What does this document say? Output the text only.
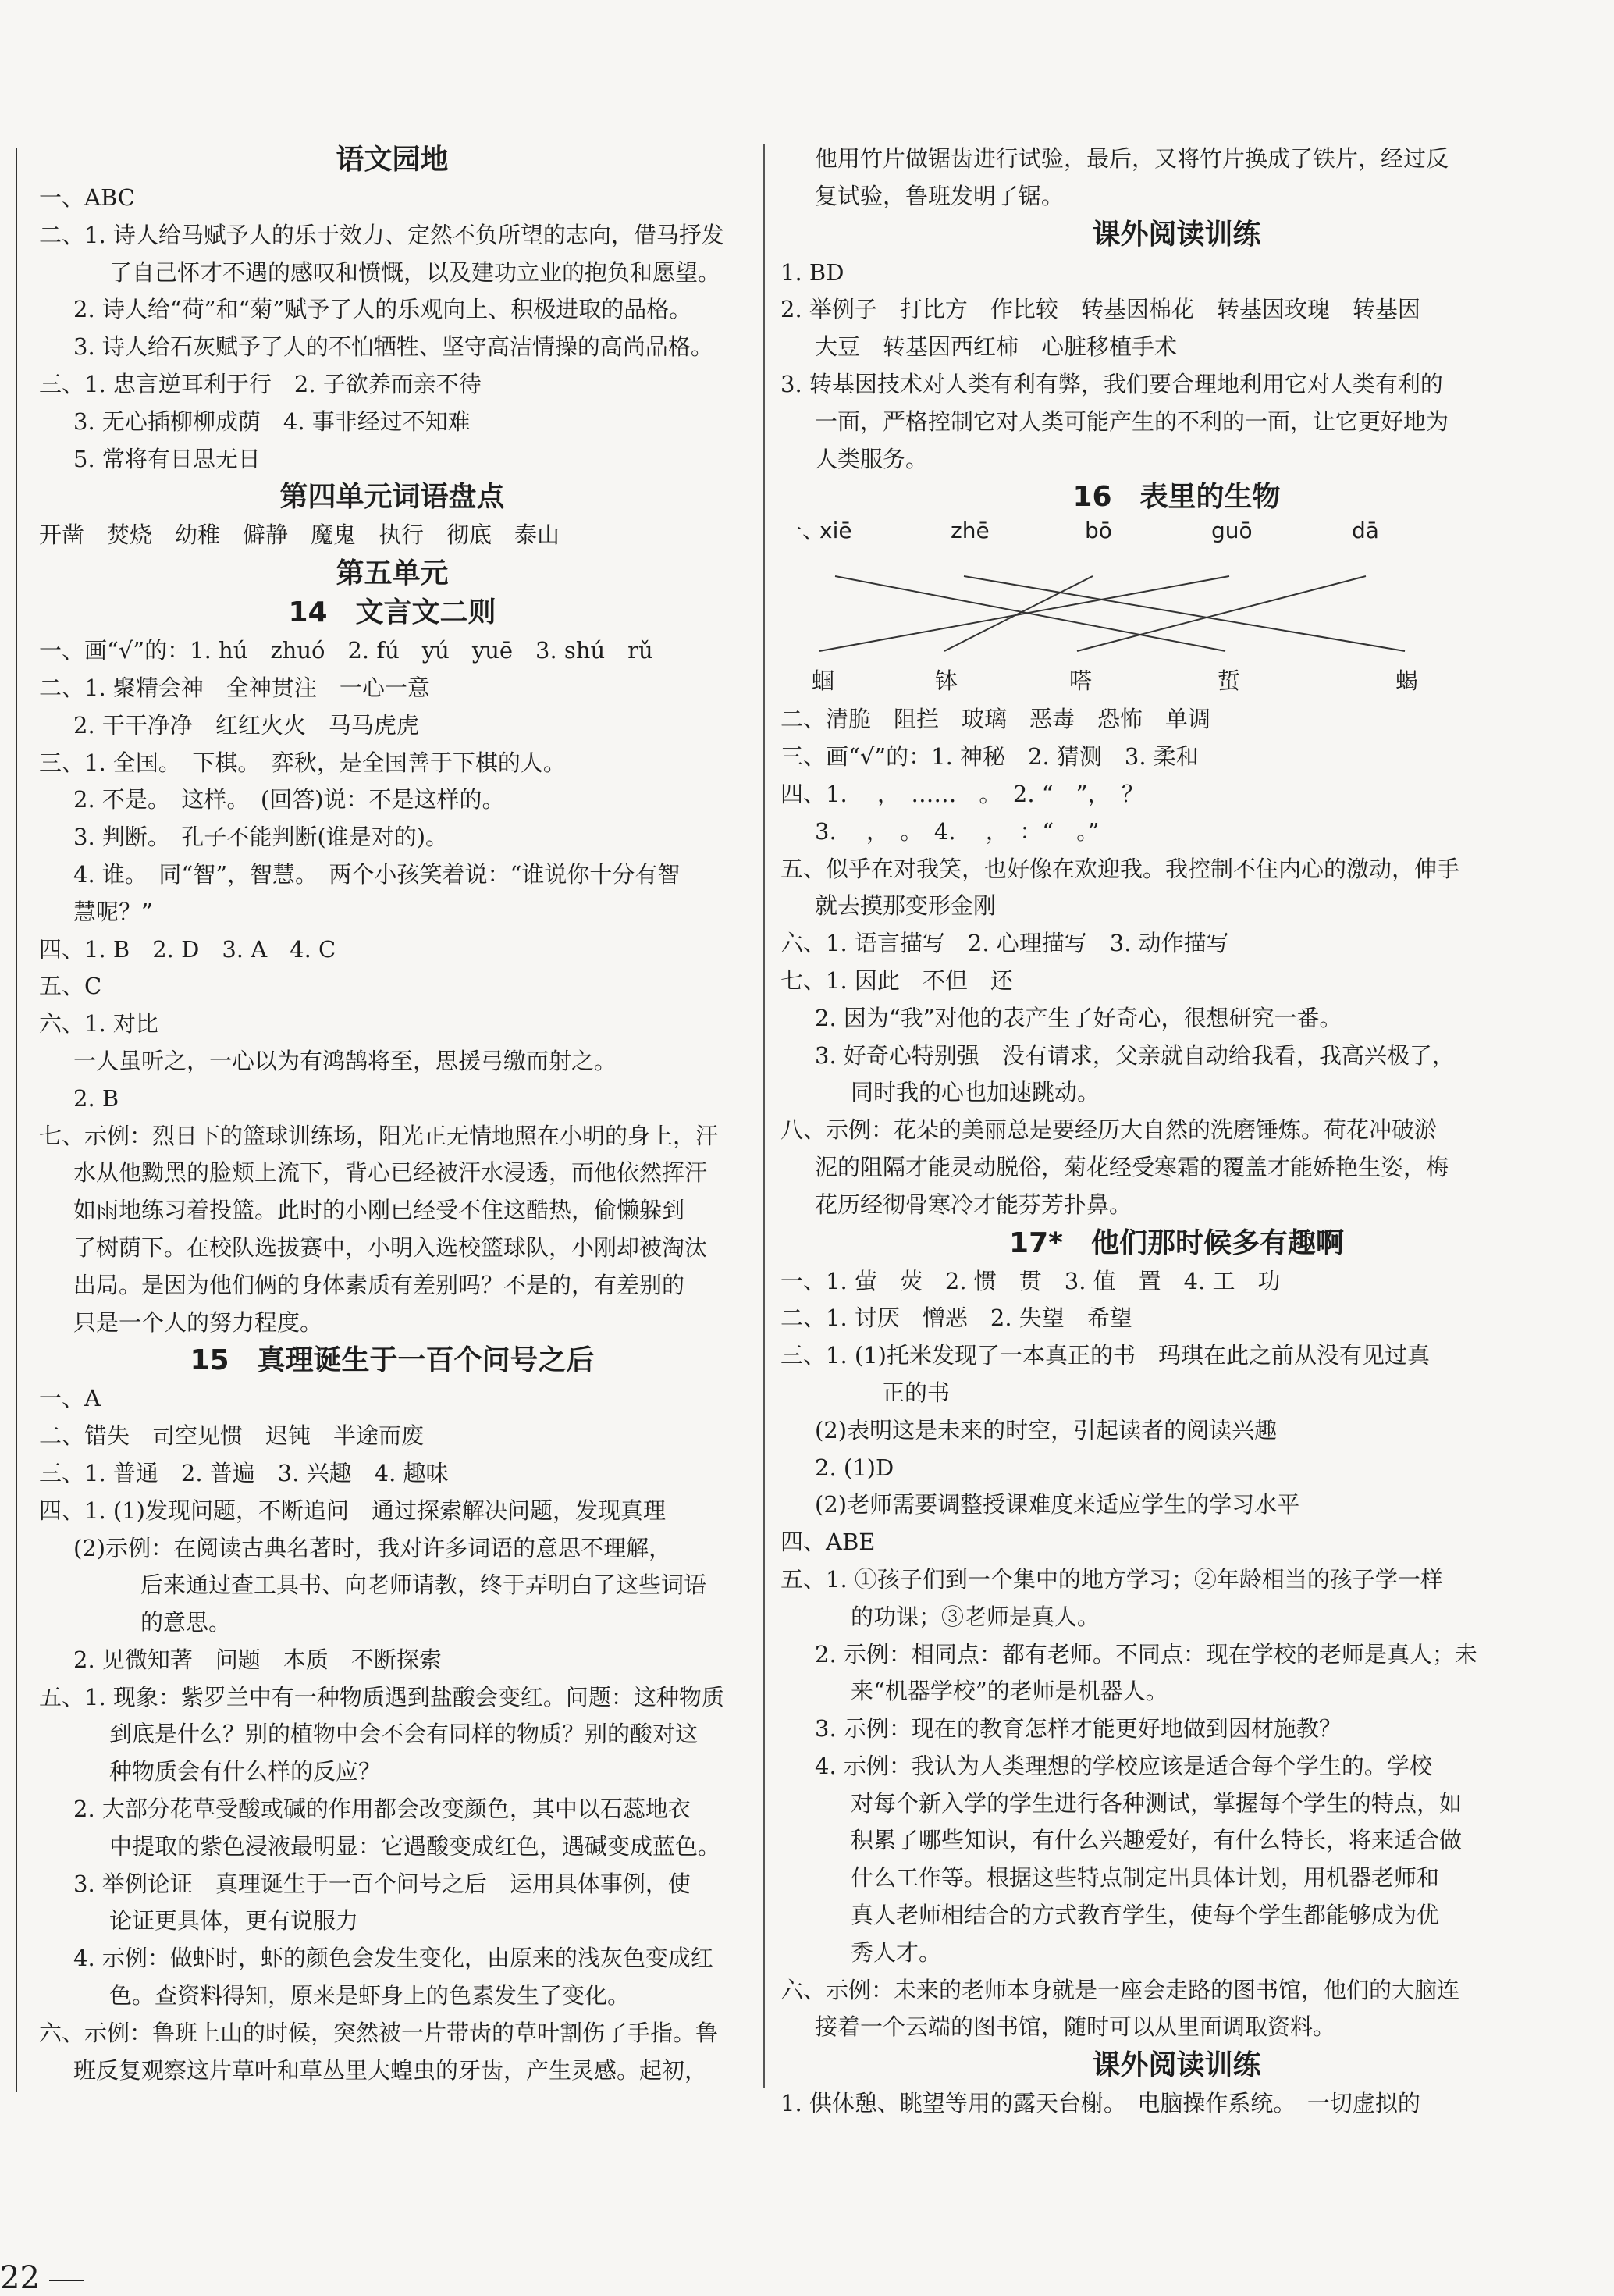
语文园地
一、ABC
二、1. 诗人给马赋予人的乐于效力、定然不负所望的志向，借马抒发
了自己怀才不遇的感叹和愤慨，以及建功立业的抱负和愿望。
2. 诗人给“荷”和“菊”赋予了人的乐观向上、积极进取的品格。
3. 诗人给石灰赋予了人的不怕牺牲、坚守高洁情操的高尚品格。
三、1. 忠言逆耳利于行　2. 子欲养而亲不待
3. 无心插柳柳成荫　4. 事非经过不知难
5. 常将有日思无日
第四单元词语盘点
开凿　焚烧　幼稚　僻静　魔鬼　执行　彻底　泰山
第五单元
14　文言文二则
一、画“√”的：1. hú　zhuó　2. fú　yú　yuē　3. shú　rǔ
二、1. 聚精会神　全神贯注　一心一意
2. 干干净净　红红火火　马马虎虎
三、1. 全国。　下棋。　弈秋，是全国善于下棋的人。
2. 不是。　这样。　(回答)说：不是这样的。
3. 判断。　孔子不能判断(谁是对的)。
4. 谁。　同“智”，智慧。　两个小孩笑着说：“谁说你十分有智
慧呢？”
四、1. B　2. D　3. A　4. C
五、C
六、1. 对比
一人虽听之，一心以为有鸿鹄将至，思援弓缴而射之。
2. B
七、示例：烈日下的篮球训练场，阳光正无情地照在小明的身上，汗
水从他黝黑的脸颊上流下，背心已经被汗水浸透，而他依然挥汗
如雨地练习着投篮。此时的小刚已经受不住这酷热，偷懒躲到
了树荫下。在校队选拔赛中，小明入选校篮球队，小刚却被淘汰
出局。是因为他们俩的身体素质有差别吗？不是的，有差别的
只是一个人的努力程度。
15　真理诞生于一百个问号之后
一、A
二、错失　司空见惯　迟钝　半途而废
三、1. 普通　2. 普遍　3. 兴趣　4. 趣味
四、1. (1)发现问题，不断追问　通过探索解决问题，发现真理
(2)示例：在阅读古典名著时，我对许多词语的意思不理解，
后来通过查工具书、向老师请教，终于弄明白了这些词语
的意思。
2. 见微知著　问题　本质　不断探索
五、1. 现象：紫罗兰中有一种物质遇到盐酸会变红。问题：这种物质
到底是什么？别的植物中会不会有同样的物质？别的酸对这
种物质会有什么样的反应？
2. 大部分花草受酸或碱的作用都会改变颜色，其中以石蕊地衣
中提取的紫色浸液最明显：它遇酸变成红色，遇碱变成蓝色。
3. 举例论证　真理诞生于一百个问号之后　运用具体事例，使
论证更具体，更有说服力
4. 示例：做虾时，虾的颜色会发生变化，由原来的浅灰色变成红
色。查资料得知，原来是虾身上的色素发生了变化。
六、示例：鲁班上山的时候，突然被一片带齿的草叶割伤了手指。鲁
班反复观察这片草叶和草丛里大蝗虫的牙齿，产生灵感。起初，
他用竹片做锯齿进行试验，最后，又将竹片换成了铁片，经过反
复试验，鲁班发明了锯。
课外阅读训练
1. BD
2. 举例子　打比方　作比较　转基因棉花　转基因玫瑰　转基因
大豆　转基因西红柿　心脏移植手术
3. 转基因技术对人类有利有弊，我们要合理地利用它对人类有利的
一面，严格控制它对人类可能产生的不利的一面，让它更好地为
人类服务。
16　表里的生物
一、
xiē	zhē	bō	guō	dā
蝈	钵	嗒	蜇	蝎
二、清脆　阻拦　玻璃　恶毒　恐怖　单调
三、画“√”的：1. 神秘　2. 猜测　3. 柔和
四、1. 　，　……　。　2. “　”，　？
3. 　，　。　4. 　，　：“　。”
五、似乎在对我笑，也好像在欢迎我。我控制不住内心的激动，伸手
就去摸那变形金刚
六、1. 语言描写　2. 心理描写　3. 动作描写
七、1. 因此　不但　还
2. 因为“我”对他的表产生了好奇心，很想研究一番。
3. 好奇心特别强　没有请求，父亲就自动给我看，我高兴极了，
同时我的心也加速跳动。
八、示例：花朵的美丽总是要经历大自然的洗磨锤炼。荷花冲破淤
泥的阻隔才能灵动脱俗，菊花经受寒霜的覆盖才能娇艳生姿，梅
花历经彻骨寒冷才能芬芳扑鼻。
17*　他们那时候多有趣啊
一、1. 萤　荧　2. 惯　贯　3. 值　置　4. 工　功
二、1. 讨厌　憎恶　2. 失望　希望
三、1. (1)托米发现了一本真正的书　玛琪在此之前从没有见过真
正的书
(2)表明这是未来的时空，引起读者的阅读兴趣
2. (1)D
(2)老师需要调整授课难度来适应学生的学习水平
四、ABE
五、1. ①孩子们到一个集中的地方学习；②年龄相当的孩子学一样
的功课；③老师是真人。
2. 示例：相同点：都有老师。不同点：现在学校的老师是真人；未
来“机器学校”的老师是机器人。
3. 示例：现在的教育怎样才能更好地做到因材施教？
4. 示例：我认为人类理想的学校应该是适合每个学生的。学校
对每个新入学的学生进行各种测试，掌握每个学生的特点，如
积累了哪些知识，有什么兴趣爱好，有什么特长，将来适合做
什么工作等。根据这些特点制定出具体计划，用机器老师和
真人老师相结合的方式教育学生，使每个学生都能够成为优
秀人才。
六、示例：未来的老师本身就是一座会走路的图书馆，他们的大脑连
接着一个云端的图书馆，随时可以从里面调取资料。
课外阅读训练
1. 供休憩、眺望等用的露天台榭。　电脑操作系统。　一切虚拟的
22
